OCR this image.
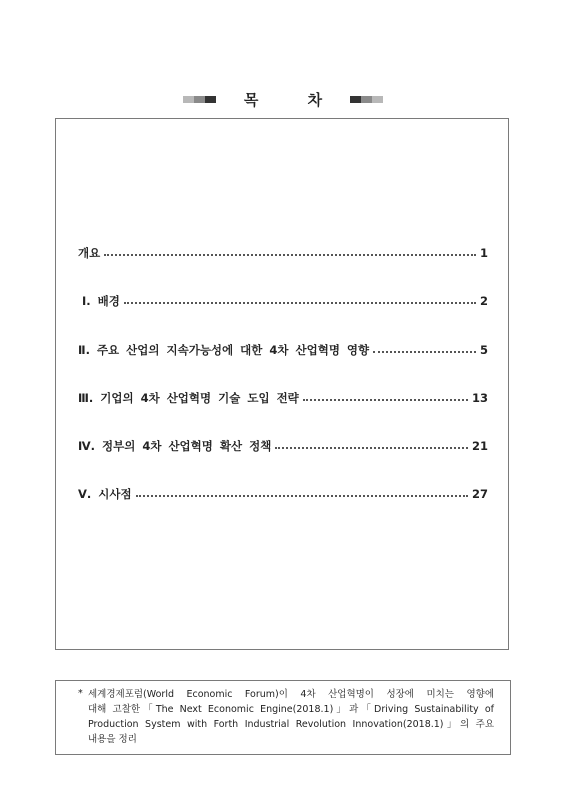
목 차
개요	1
Ⅰ. 배경	2
Ⅱ. 주요 산업의 지속가능성에 대한 4차 산업혁명 영향	5
Ⅲ. 기업의 4차 산업혁명 기술 도입 전략	13
Ⅳ. 정부의 4차 산업혁명 확산 정책	21
Ⅴ. 시사점	27
* 세계경제포럼(World Economic Forum)이 4차 산업혁명이 성장에 미치는 영향에
대해 고찰한「The Next Economic Engine(2018.1)」과「Driving Sustainability of
Production System with Forth Industrial Revolution Innovation(2018.1)」의 주요
내용을 정리
